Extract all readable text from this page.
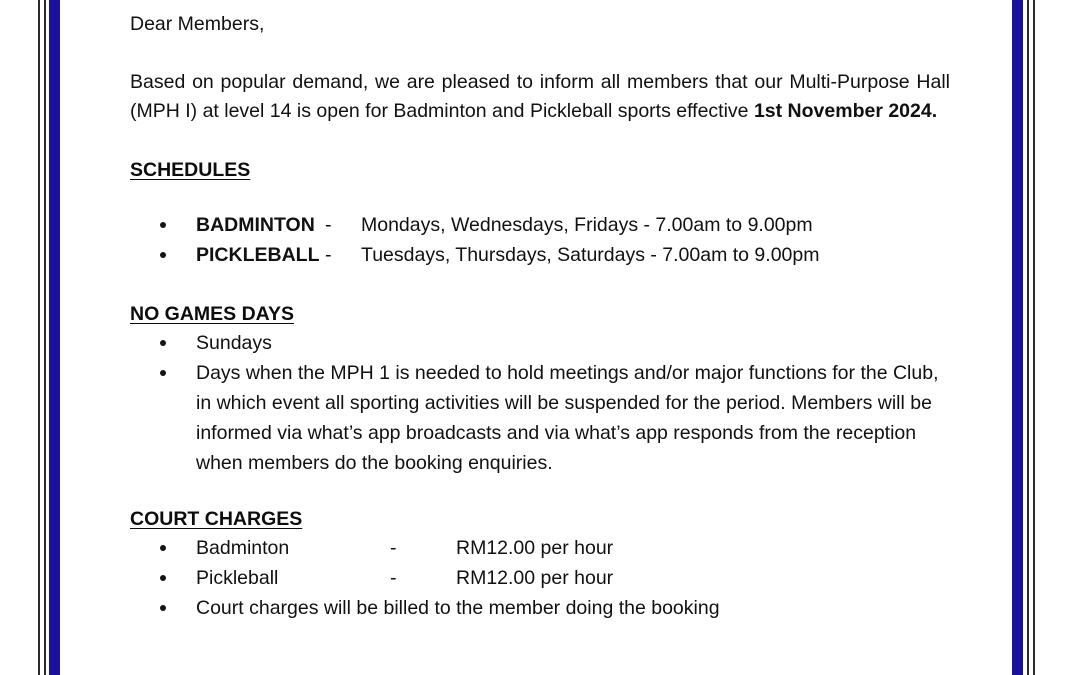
Dear Members,

Based on popular demand, we are pleased to inform all members that our Multi-Purpose Hall (MPH I) at level 14 is open for Badminton and Pickleball sports effective 1st November 2024.

SCHEDULES

BADMINTON -	Mondays, Wednesdays, Fridays - 7.00am to 9.00pm
PICKLEBALL -	Tuesdays, Thursdays, Saturdays - 7.00am to 9.00pm

NO GAMES DAYS

Sundays
Days when the MPH 1 is needed to hold meetings and/or major functions for the Club, in which event all sporting activities will be suspended for the period. Members will be informed via what’s app broadcasts and via what’s app responds from the reception when members do the booking enquiries.

COURT CHARGES

Badminton	-	RM12.00 per hour
Pickleball	-	RM12.00 per hour
Court charges will be billed to the member doing the booking
